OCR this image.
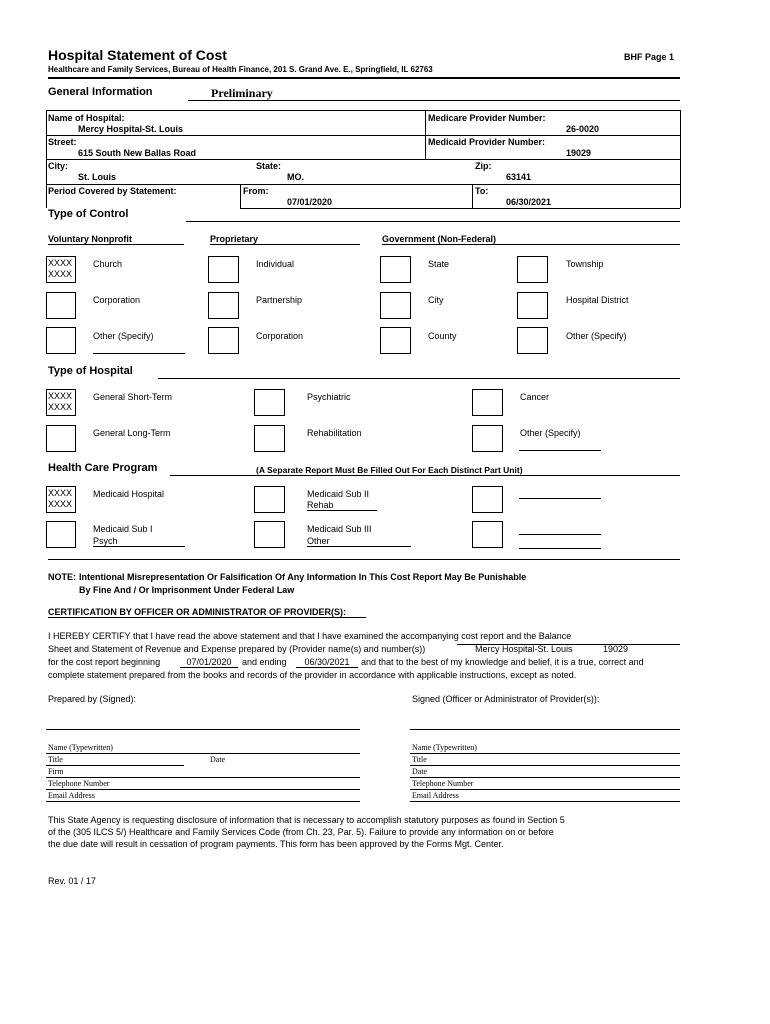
Hospital Statement of Cost	BHF Page 1
Healthcare and Family Services, Bureau of Health Finance, 201 S. Grand Ave. E., Springfield, IL 62763
General Information	Preliminary
Name of Hospital:
Mercy Hospital-St. Louis
Medicare Provider Number:
26-0020
Street:
615 South New Ballas Road
Medicaid Provider Number:
19029
City:
St. Louis
State:
MO.
Zip:
63141
Period Covered by Statement:	From:
07/01/2020
To:
06/30/2021
Type of Control
Voluntary Nonprofit	Proprietary	Government (Non-Federal)
XXXX
XXXX
Church
Corporation
Other (Specify)
Individual
Partnership
Corporation
State
City
County
Township
Hospital District
Other (Specify)
Type of Hospital
XXXX
XXXX
General Short-Term
General Long-Term
Psychiatric
Rehabilitation
Cancer
Other (Specify)
Health Care Program	(A Separate Report Must Be Filled Out For Each Distinct Part Unit)
XXXX
XXXX
Medicaid Hospital
Medicaid Sub I
Psych
Medicaid Sub II
Rehab
Medicaid Sub III
Other
NOTE: Intentional Misrepresentation Or Falsification Of Any Information In This Cost Report May Be Punishable
By Fine And / Or Imprisonment Under Federal Law
CERTIFICATION BY OFFICER OR ADMINISTRATOR OF PROVIDER(S):
I HEREBY CERTIFY that I have read the above statement and that I have examined the accompanying cost report and the Balance
Sheet and Statement of Revenue and Expense prepared by (Provider name(s) and number(s))	Mercy Hospital-St. Louis	19029
for the cost report beginning	07/01/2020	and ending	06/30/2021	and that to the best of my knowledge and belief, it is a true, correct and
complete statement prepared from the books and records of the provider in accordance with applicable instructions, except as noted.
Prepared by (Signed):	Signed (Officer or Administrator of Provider(s)):
Name (Typewritten)
Title	Date
Firm
Telephone Number
Email Address
Name (Typewritten)
Title
Date
Telephone Number
Email Address
This State Agency is requesting disclosure of information that is necessary to accomplish statutory purposes as found in Section 5
of the (305 ILCS 5/) Healthcare and Family Services Code (from Ch. 23, Par. 5). Failure to provide any information on or before
the due date will result in cessation of program payments. This form has been approved by the Forms Mgt. Center.
Rev. 01 / 17
